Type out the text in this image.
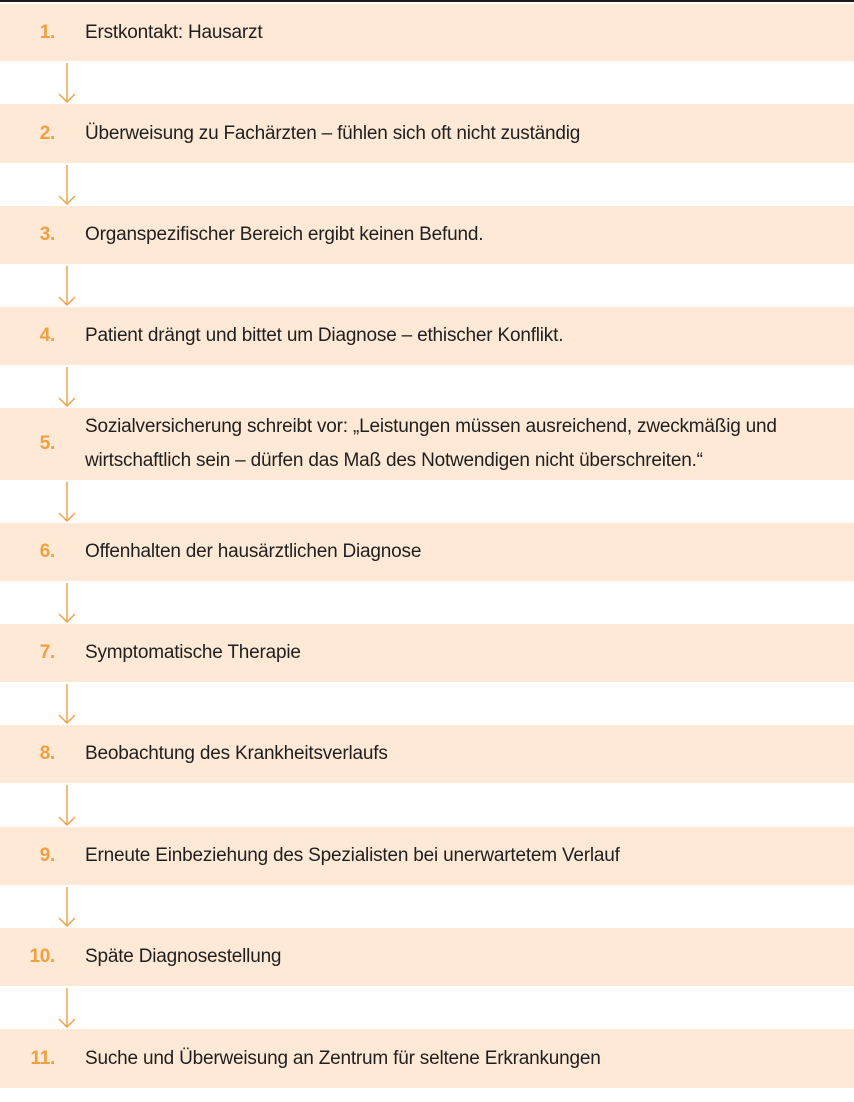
1. Erstkontakt: Hausarzt
2. Überweisung zu Fachärzten – fühlen sich oft nicht zuständig
3. Organspezifischer Bereich ergibt keinen Befund.
4. Patient drängt und bittet um Diagnose – ethischer Konflikt.
5.
Sozialversicherung schreibt vor: „Leistungen müssen ausreichend, zweckmäßig und
wirtschaftlich sein – dürfen das Maß des Notwendigen nicht überschreiten.“
6. Offenhalten der hausärztlichen Diagnose
7. Symptomatische Therapie
8. Beobachtung des Krankheitsverlaufs
9. Erneute Einbeziehung des Spezialisten bei unerwartetem Verlauf
10. Späte Diagnosestellung
11. Suche und Überweisung an Zentrum für seltene Erkrankungen
